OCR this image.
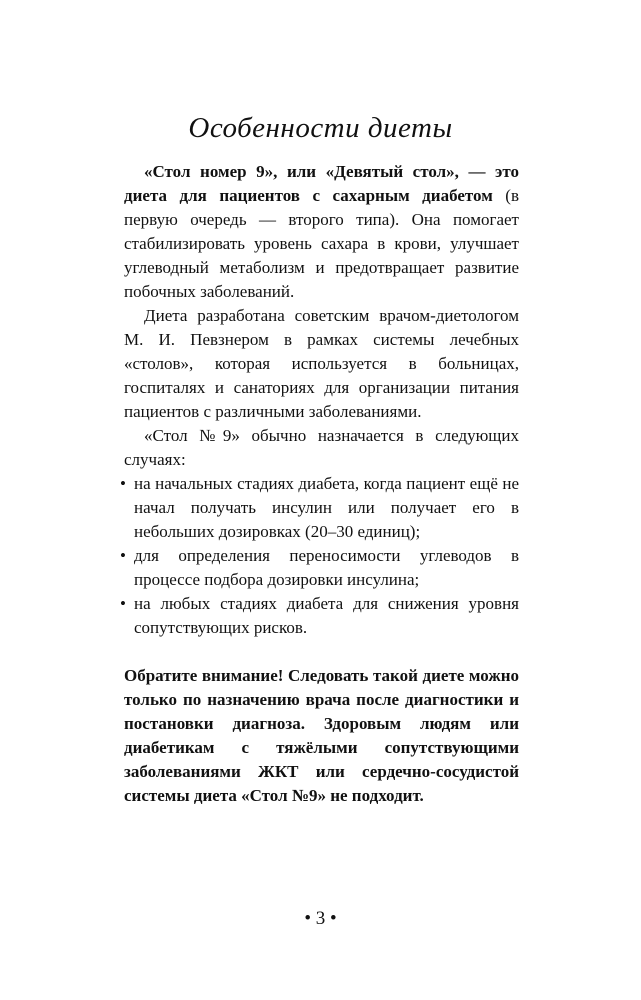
Особенности диеты

«Стол номер 9», или «Девятый стол», — это диета для пациентов с сахарным диабетом (в первую очередь — второго типа). Она помогает стабилизировать уровень сахара в крови, улучшает углеводный метаболизм и предотвращает развитие побочных заболеваний.

Диета разработана советским врачом-диетологом М. И. Певзнером в рамках системы лечебных «столов», которая используется в больницах, госпиталях и санаториях для организации питания пациентов с различными заболеваниями.

«Стол №9» обычно назначается в следующих случаях:

• на начальных стадиях диабета, когда пациент ещё не начал получать инсулин или получает его в небольших дозировках (20–30 единиц);
• для определения переносимости углеводов в процессе подбора дозировки инсулина;
• на любых стадиях диабета для снижения уровня сопутствующих рисков.

Обратите внимание! Следовать такой диете можно только по назначению врача после диагностики и постановки диагноза. Здоровым людям или диабетикам с тяжёлыми сопутствующими заболеваниями ЖКТ или сердечно-сосудистой системы диета «Стол №9» не подходит.

• 3 •
